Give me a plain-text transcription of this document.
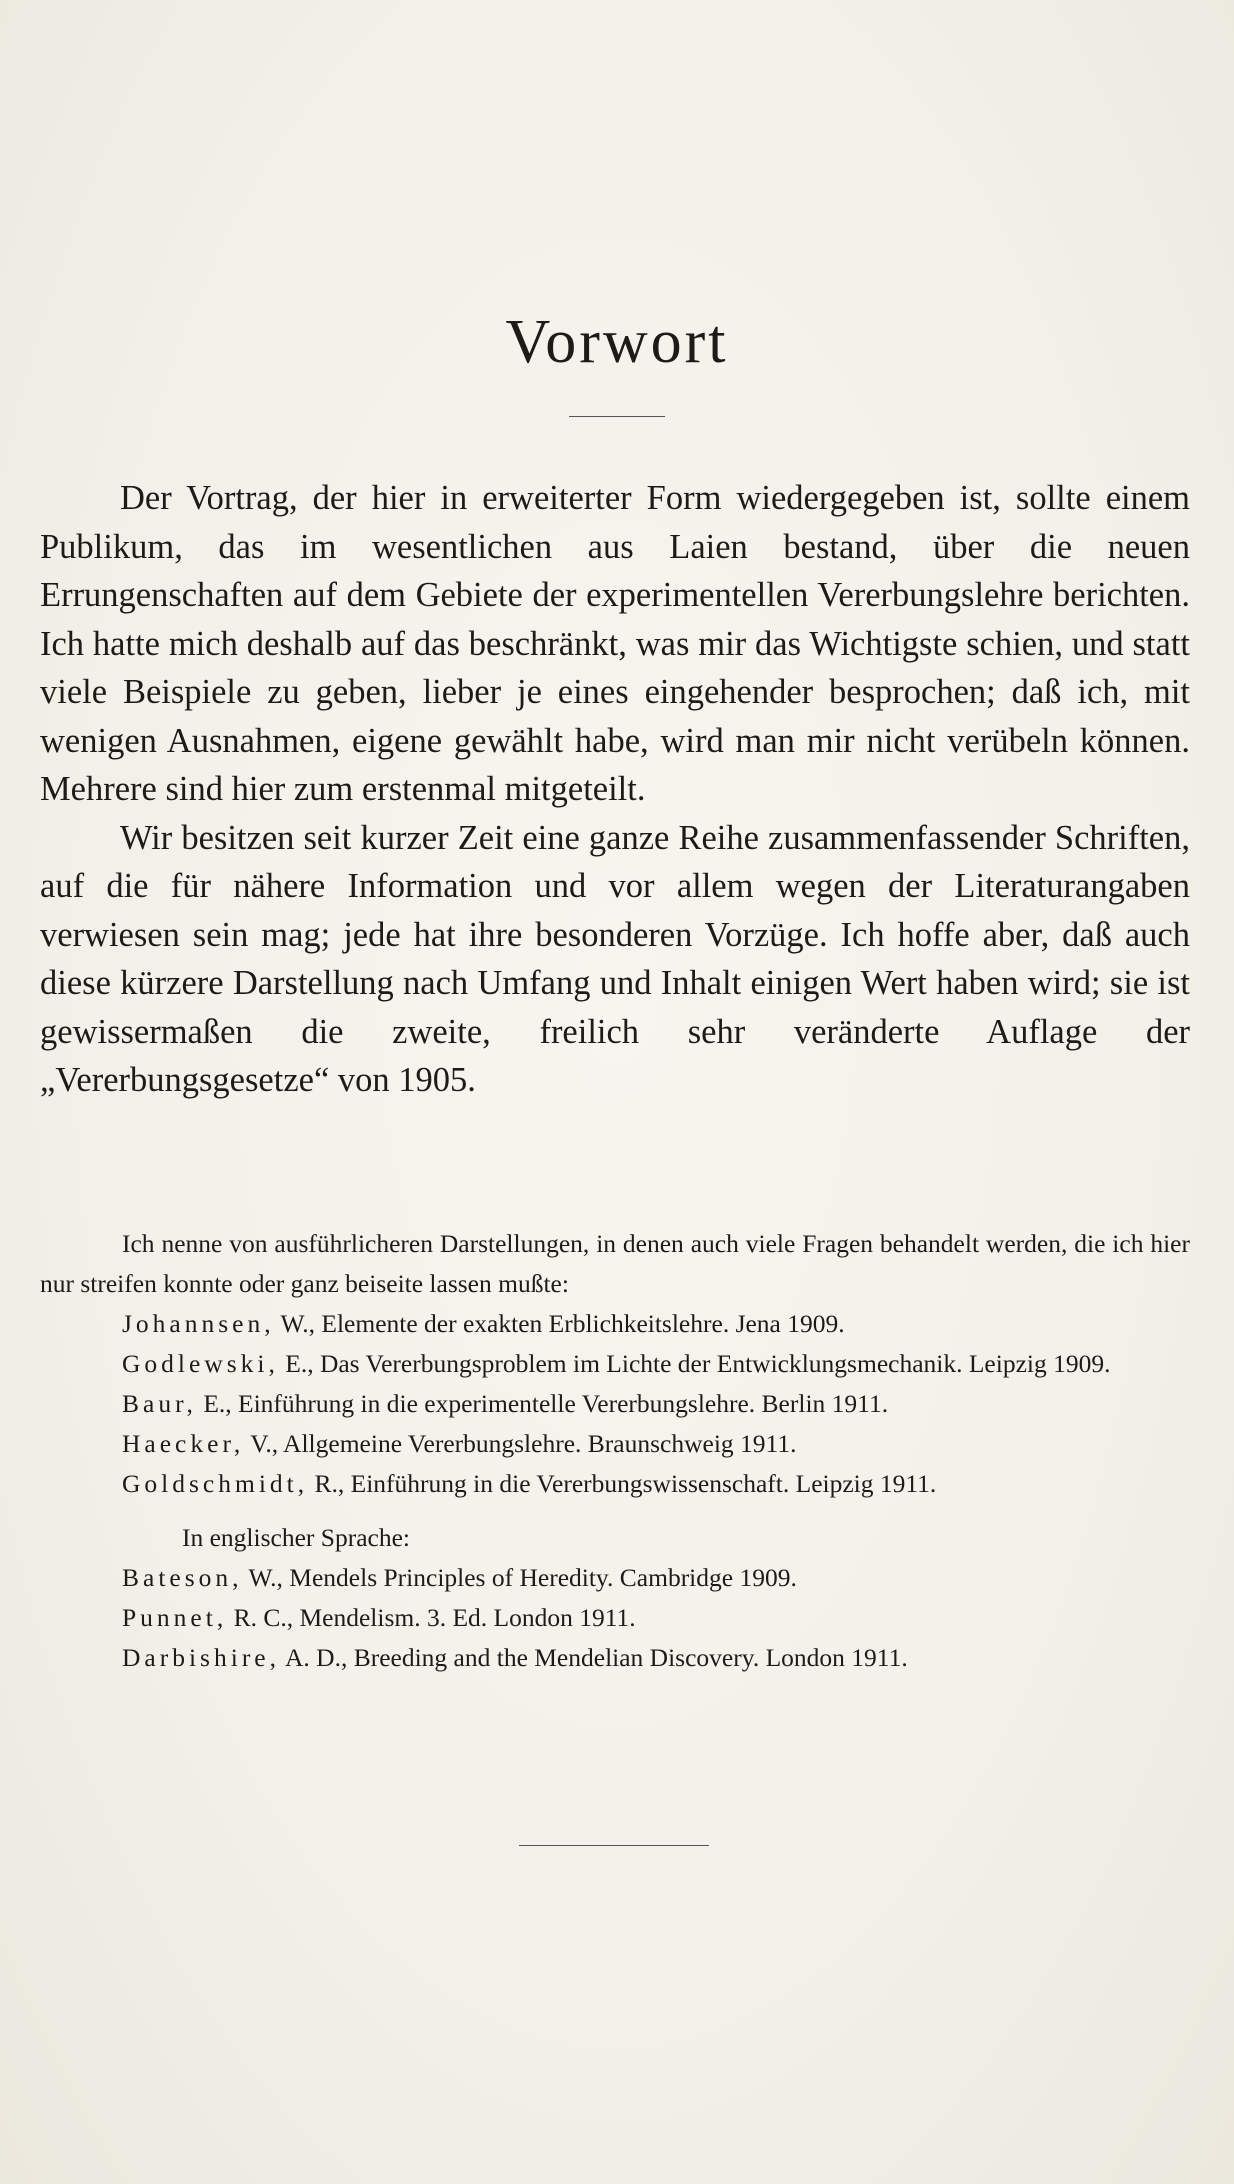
Vorwort

Der Vortrag, der hier in erweiterter Form wiedergegeben ist, sollte einem Publikum, das im wesentlichen aus Laien bestand, über die neuen Errungenschaften auf dem Gebiete der experimentellen Vererbungslehre berichten. Ich hatte mich deshalb auf das beschränkt, was mir das Wichtigste schien, und statt viele Beispiele zu geben, lieber je eines eingehender besprochen; daß ich, mit wenigen Ausnahmen, eigene gewählt habe, wird man mir nicht verübeln können. Mehrere sind hier zum erstenmal mitgeteilt.

Wir besitzen seit kurzer Zeit eine ganze Reihe zusammenfassender Schriften, auf die für nähere Information und vor allem wegen der Literaturangaben verwiesen sein mag; jede hat ihre besonderen Vorzüge. Ich hoffe aber, daß auch diese kürzere Darstellung nach Umfang und Inhalt einigen Wert haben wird; sie ist gewissermaßen die zweite, freilich sehr veränderte Auflage der „Vererbungsgesetze“ von 1905.

Ich nenne von ausführlicheren Darstellungen, in denen auch viele Fragen behandelt werden, die ich hier nur streifen konnte oder ganz beiseite lassen mußte:

Johannsen, W., Elemente der exakten Erblichkeitslehre. Jena 1909.

Godlewski, E., Das Vererbungsproblem im Lichte der Entwicklungsmechanik. Leipzig 1909.

Baur, E., Einführung in die experimentelle Vererbungslehre. Berlin 1911.

Haecker, V., Allgemeine Vererbungslehre. Braunschweig 1911.

Goldschmidt, R., Einführung in die Vererbungswissenschaft. Leipzig 1911.

In englischer Sprache:

Bateson, W., Mendels Principles of Heredity. Cambridge 1909.

Punnet, R. C., Mendelism. 3. Ed. London 1911.

Darbishire, A. D., Breeding and the Mendelian Discovery. London 1911.
